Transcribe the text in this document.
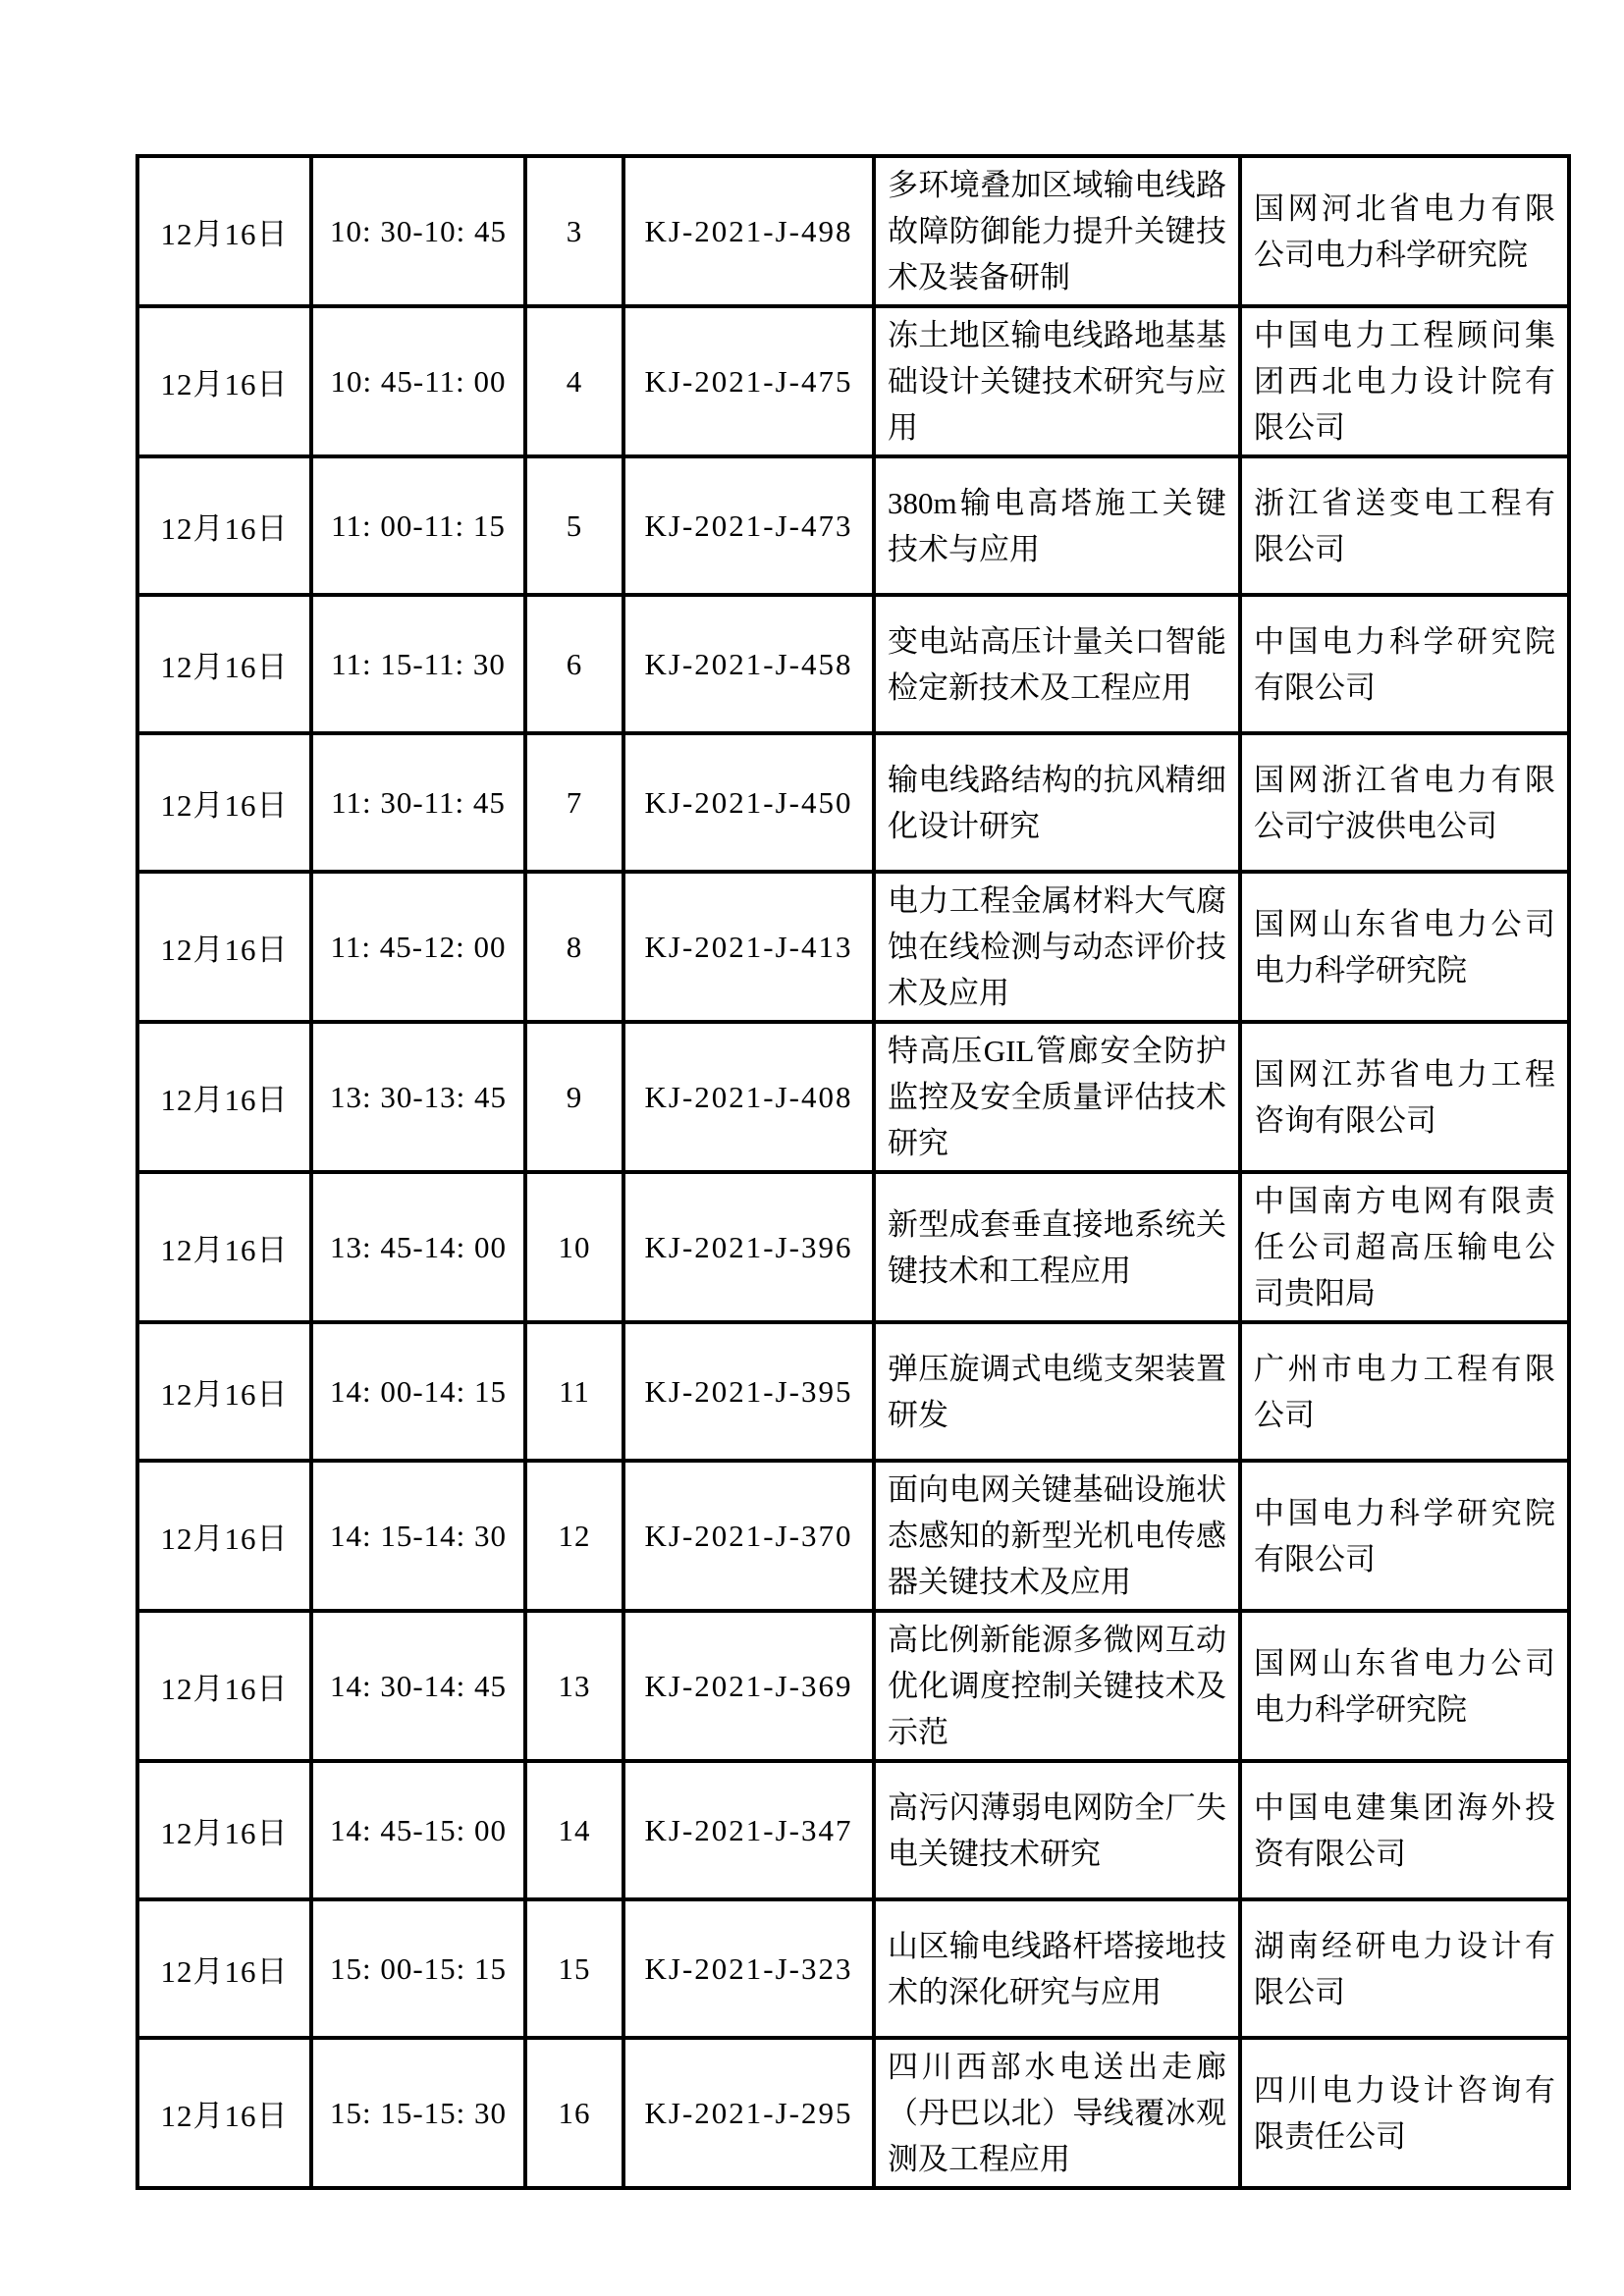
12月16日	10: 30-10: 45	3	KJ-2021-J-498	多环境叠加区域输电线路故障防御能力提升关键技术及装备研制	国网河北省电力有限公司电力科学研究院
12月16日	10: 45-11: 00	4	KJ-2021-J-475	冻土地区输电线路地基基础设计关键技术研究与应用	中国电力工程顾问集团西北电力设计院有限公司
12月16日	11: 00-11: 15	5	KJ-2021-J-473	380m输电高塔施工关键技术与应用	浙江省送变电工程有限公司
12月16日	11: 15-11: 30	6	KJ-2021-J-458	变电站高压计量关口智能检定新技术及工程应用	中国电力科学研究院有限公司
12月16日	11: 30-11: 45	7	KJ-2021-J-450	输电线路结构的抗风精细化设计研究	国网浙江省电力有限公司宁波供电公司
12月16日	11: 45-12: 00	8	KJ-2021-J-413	电力工程金属材料大气腐蚀在线检测与动态评价技术及应用	国网山东省电力公司电力科学研究院
12月16日	13: 30-13: 45	9	KJ-2021-J-408	特高压GIL管廊安全防护监控及安全质量评估技术研究	国网江苏省电力工程咨询有限公司
12月16日	13: 45-14: 00	10	KJ-2021-J-396	新型成套垂直接地系统关键技术和工程应用	中国南方电网有限责任公司超高压输电公司贵阳局
12月16日	14: 00-14: 15	11	KJ-2021-J-395	弹压旋调式电缆支架装置研发	广州市电力工程有限公司
12月16日	14: 15-14: 30	12	KJ-2021-J-370	面向电网关键基础设施状态感知的新型光机电传感器关键技术及应用	中国电力科学研究院有限公司
12月16日	14: 30-14: 45	13	KJ-2021-J-369	高比例新能源多微网互动优化调度控制关键技术及示范	国网山东省电力公司电力科学研究院
12月16日	14: 45-15: 00	14	KJ-2021-J-347	高污闪薄弱电网防全厂失电关键技术研究	中国电建集团海外投资有限公司
12月16日	15: 00-15: 15	15	KJ-2021-J-323	山区输电线路杆塔接地技术的深化研究与应用	湖南经研电力设计有限公司
12月16日	15: 15-15: 30	16	KJ-2021-J-295	四川西部水电送出走廊（丹巴以北）导线覆冰观测及工程应用	四川电力设计咨询有限责任公司
